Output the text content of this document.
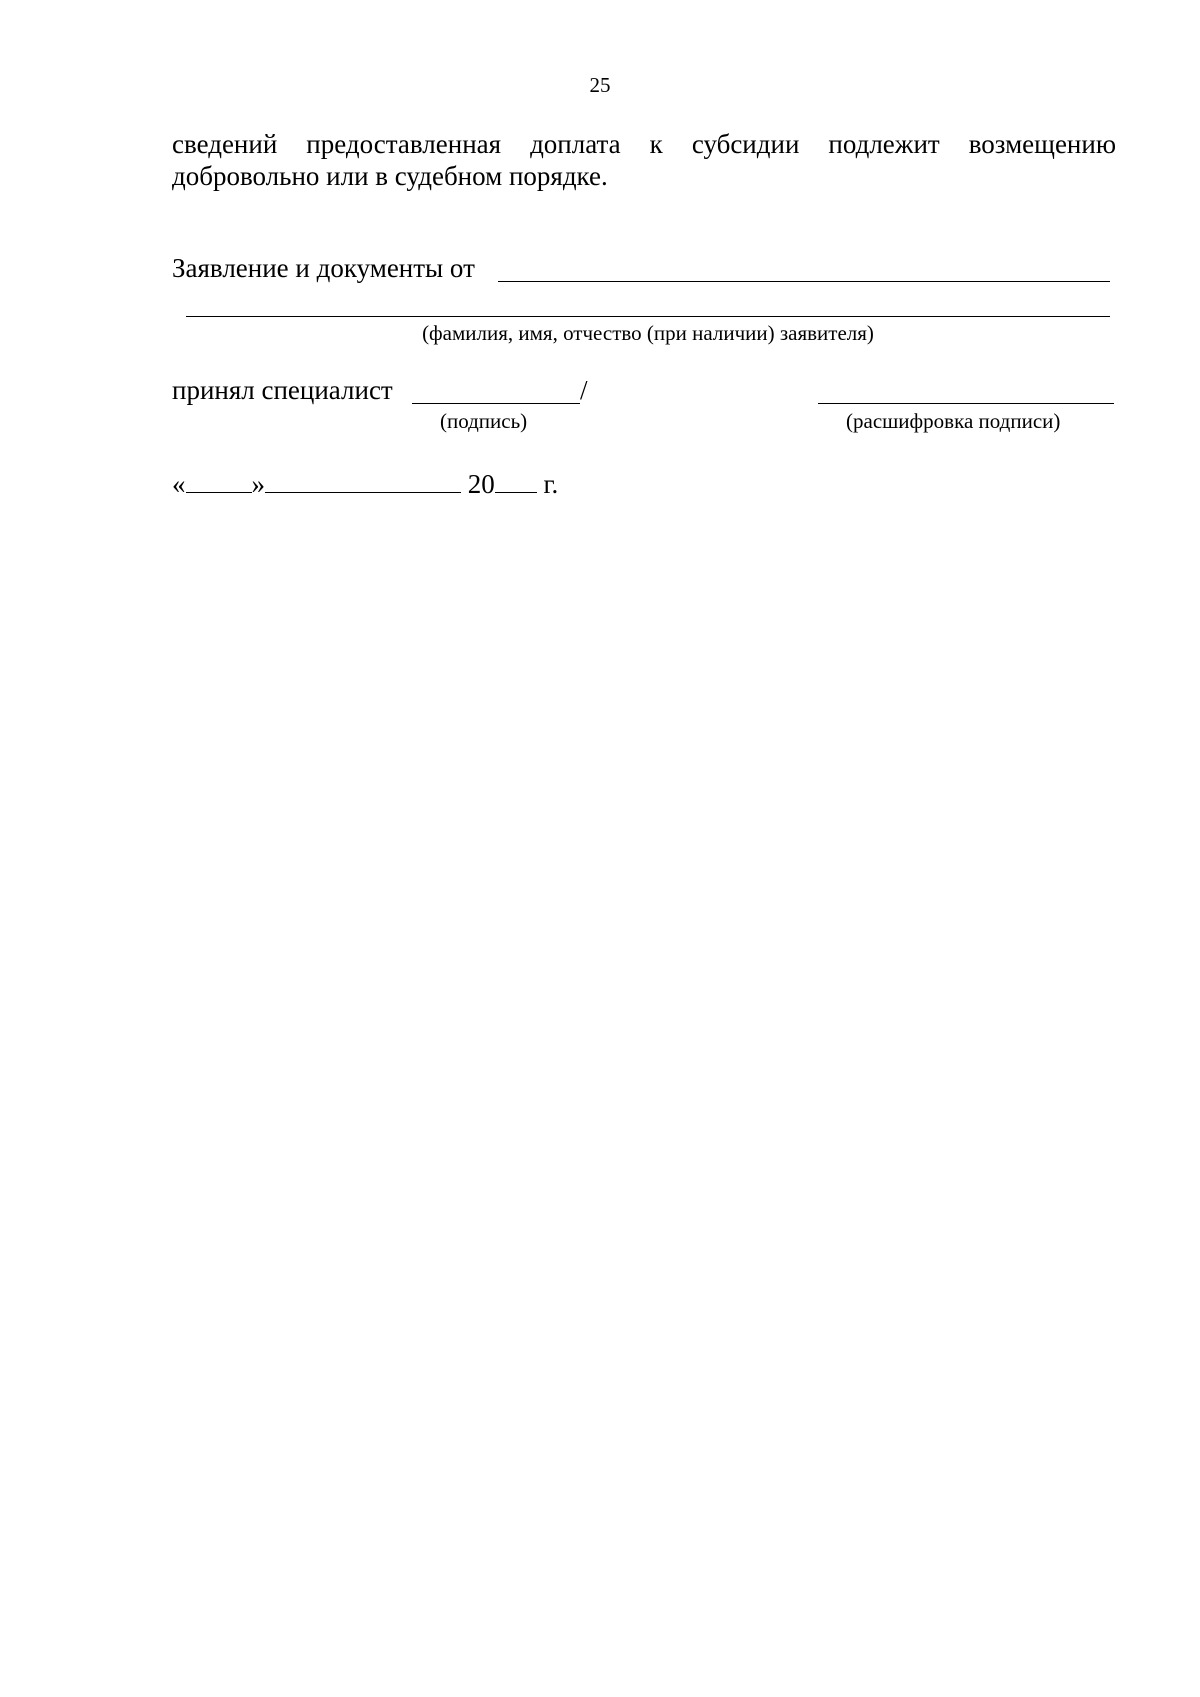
25
сведений предоставленная доплата к субсидии подлежит возмещению
добровольно или в судебном порядке.
Заявление и документы от
(фамилия, имя, отчество (при наличии) заявителя)
принял специалист	/
(подпись)	(расшифровка подписи)
« »	20 г.
